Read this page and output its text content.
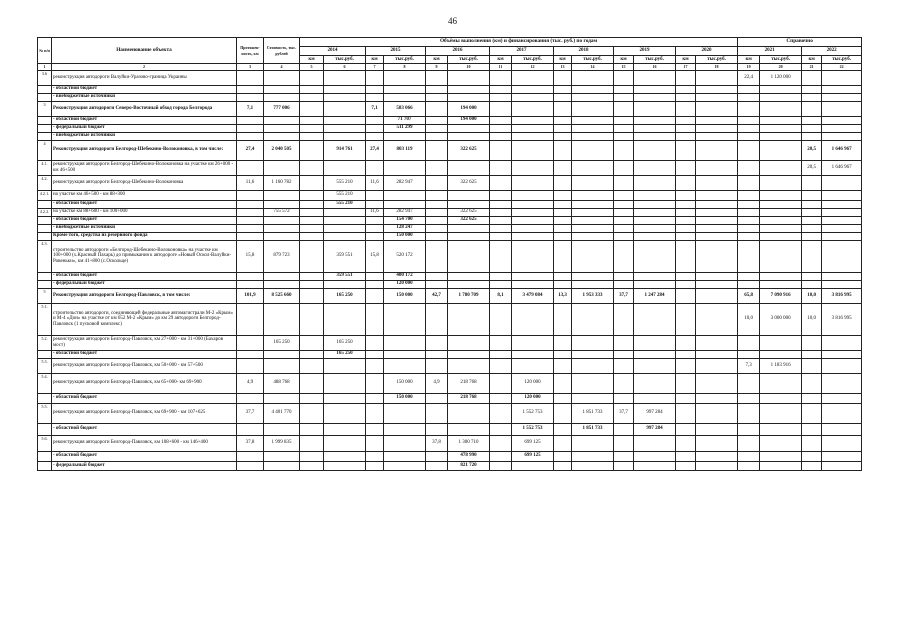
46
№ п/п	Наименование объекта	Протяжен-ность, км	Стоимость, тыс. рублей	Объёмы выполнения (км) и финансирования (тыс. руб.) по годам														Справочно			
				2014		2015		2016		2017		2018		2019		2020		2021		2022	
				км	тыс.руб.	км	тыс.руб.	км	тыс.руб.	км	тыс.руб.	км	тыс.руб.	км	тыс.руб.	км	тыс.руб.	км	тыс.руб.	км	тыс.руб.
1	2	3	4	5	6	7	8	9	10	11	12	13	14	15	16	17	18	19	20	21	22
3.6	реконструкция автодороги Валуйки-Уразово-граница Украины																	22,4	1 120 000		
	- областной бюджет																				
	- внебюджетные источники																				
3	Реконструкция автодороги Северо-Восточный обход города Белгорода	7,1	777 006			7,1	583 066		194 000												
	- областной бюджет						71 707		194 000												
	- федеральный бюджет						511 299														
	- внебюджетные источники																				
4	Реконструкция автодороги Белгород-Шебекино-Волоконовка, в том числе:	27,4	2 040 505		914 761	27,4	803 119		322 625											20,5	1 646 967
4.1.	реконструкция автодороги Белгород-Шебекино-Волоконовка на участке км 26+000 - км 46+500																			20,5	1 646 967
4.2.	реконструкция автодороги Белгород-Шебекино-Волоконовка	11,6	1 160 782		555 210	11,6	282 947		322 625												
4.2.1.	на участке км 46+500 - км 88+300				555 210																
	- областной бюджет				555 210																
4.2.2.	на участке км 88+600 - км 100+000		755 572			11,6	282 947		322 625												
	- областной бюджет						154 700		322 625												
	- внебюджетные источники						128 247														
	Кроме того, средства из резервного фонда						150 000														
4.3.	строительство автодороги «Белгород-Шебекино-Волоконовка» на участке км 100+000 (х.Красный Пахарь) до примыкания к автодороге «Новый Оскол-Валуйки-Ровеньки», км 41+800 (с.Оскольце)	15,8	879 723		359 551	15,8	520 172														
	- областной бюджет				359 551		400 172														
	- федеральный бюджет						120 000														
5	Реконструкция автодороги Белгород-Павловск, в том числе:	101,9	8 525 660		165 250		150 000	42,7	1 780 709	8,1	3 479 084	13,3	1 953 333	37,7	1 247 284			65,8	7 090 916	10,0	3 816 995
5.1.	строительство автодороги, соединяющей федеральные автомагистрали М-2 «Крым» и М-4 «Дон» на участке от км 652 М-2 «Крым» до км 29 автодороги Белгород-Павловск (1 пусковой комплекс)																	10,0	3 000 000	10,0	3 816 995
5.2.	реконструкция автодороги Белгород-Павловск, км 27+000 - км 31+000 (Бахаров мост)		165 250		165 250																
	- областной бюджет				165 250																
5.3.	реконструкция автодороги Белгород-Павловск, км 50+000 - км 57+500																	7,3	1 183 916		
5.4.	реконструкция автодороги Белгород-Павловск, км 65+000- км 69+900	4,9	488 768				150 000	4,9	218 768		120 000										
	- областной бюджет						150 000		218 768		120 000										
5.5.	реконструкция автодороги Белгород-Павловск, км 69+900 - км 107+625	37,7	4 401 770								1 552 753		1 851 733	37,7	997 284						
	- областной бюджет										1 552 753		1 851 733		997 284						
5.6.	реконструкция автодороги Белгород-Павловск, км 108+600 - км 146+400	37,8	1 999 835					37,8	1 300 710		699 125										
	- областной бюджет								478 990		699 125										
	- федеральный бюджет								821 720												
